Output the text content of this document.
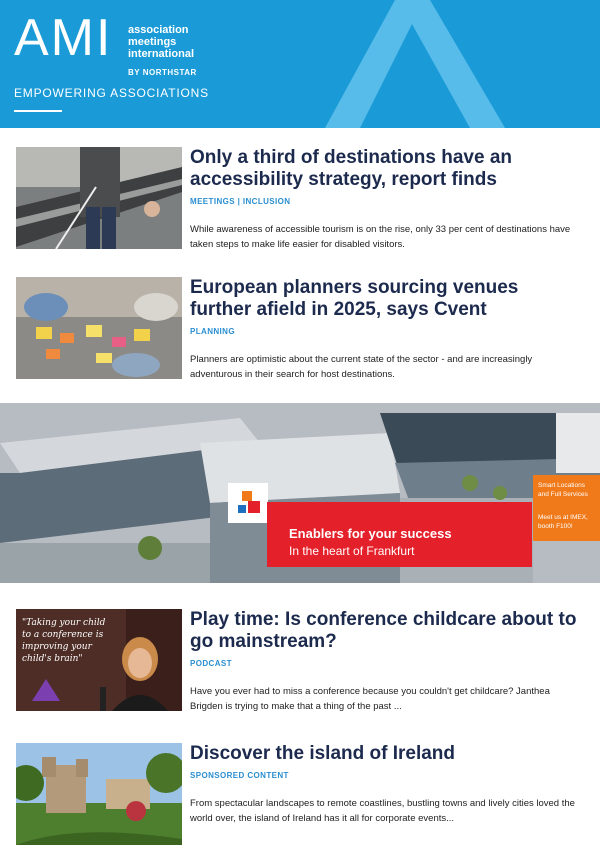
AMI association
meetings
international
BY NORTHSTAR
EMPOWERING ASSOCIATIONS
Only a third of destinations have an accessibility strategy, report finds
MEETINGS | INCLUSION
While awareness of accessible tourism is on the rise, only 33 per cent of destinations have taken steps to make life easier for disabled visitors.
European planners sourcing venues further afield in 2025, says Cvent
PLANNING
Planners are optimistic about the current state of the sector - and are increasingly adventurous in their search for host destinations.
Enablers for your success
In the heart of Frankfurt
Smart Locations and Full Services
Meet us at IMEX, booth F100!
"Taking your child
to a conference is
improving your
child's brain"
Play time: Is conference childcare about to go mainstream?
PODCAST
Have you ever had to miss a conference because you couldn't get childcare? Janthea Brigden is trying to make that a thing of the past ...
Discover the island of Ireland
SPONSORED CONTENT
From spectacular landscapes to remote coastlines, bustling towns and lively cities loved the world over, the island of Ireland has it all for corporate events...
